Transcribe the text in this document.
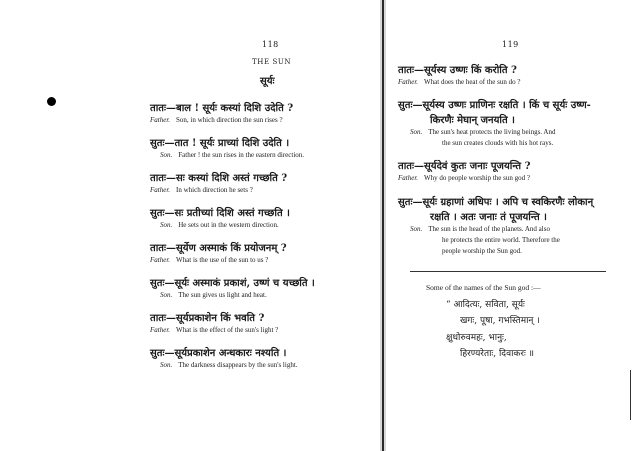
118
THE SUN
सूर्यः
तातः—बाल ! सूर्यः कस्यां दिशि उदेति ?
Father. Son, in which direction the sun rises ?
सुतः—तात ! सूर्यः प्राच्यां दिशि उदेति ।
Son. Father ! the sun rises in the eastern direction.
तातः—सः कस्यां दिशि अस्तं गच्छति ?
Father. In which direction he sets ?
सुतः—सः प्रतीच्यां दिशि अस्तं गच्छति ।
Son. He sets out in the western direction.
तातः—सूर्येण अस्माकं किं प्रयोजनम् ?
Father. What is the use of the sun to us ?
सुतः—सूर्यः अस्माकं प्रकाशं, उष्णं च यच्छति ।
Son. The sun gives us light and heat.
तातः—सूर्यप्रकाशेन किं भवति ?
Father. What is the effect of the sun's light ?
सुतः—सूर्यप्रकाशेन अन्धकारः नश्यति ।
Son. The darkness disappears by the sun's light.
119
तातः—सूर्यस्य उष्णः किं करोति ?
Father. What does the heat of the sun do ?
सुतः—सूर्यस्य उष्णः प्राणिनः रक्षति । किं च सूर्यः उष्ण-
किरणैः मेघान् जनयति ।
Son. The sun's heat protects the living beings. And
the sun creates clouds with his hot rays.
तातः—सूर्यदेवं कुतः जनाः पूजयन्ति ?
Father. Why do people worship the sun god ?
सुतः—सूर्यः ग्रहाणां अधिपः । अपि च स्वकिरणैः लोकान्
रक्षति । अतः जनाः तं पूजयन्ति ।
Son. The sun is the head of the planets. And also
he protects the entire world. Therefore the
people worship the Sun god.
Some of the names of the Sun god :—
“ आदित्यः, सविता, सूर्यः
खगः, पूषा, गभस्तिमान् ।
क्षुधोरुवमहः, भानुः,
हिरण्यरेताः, दिवाकरः ॥
